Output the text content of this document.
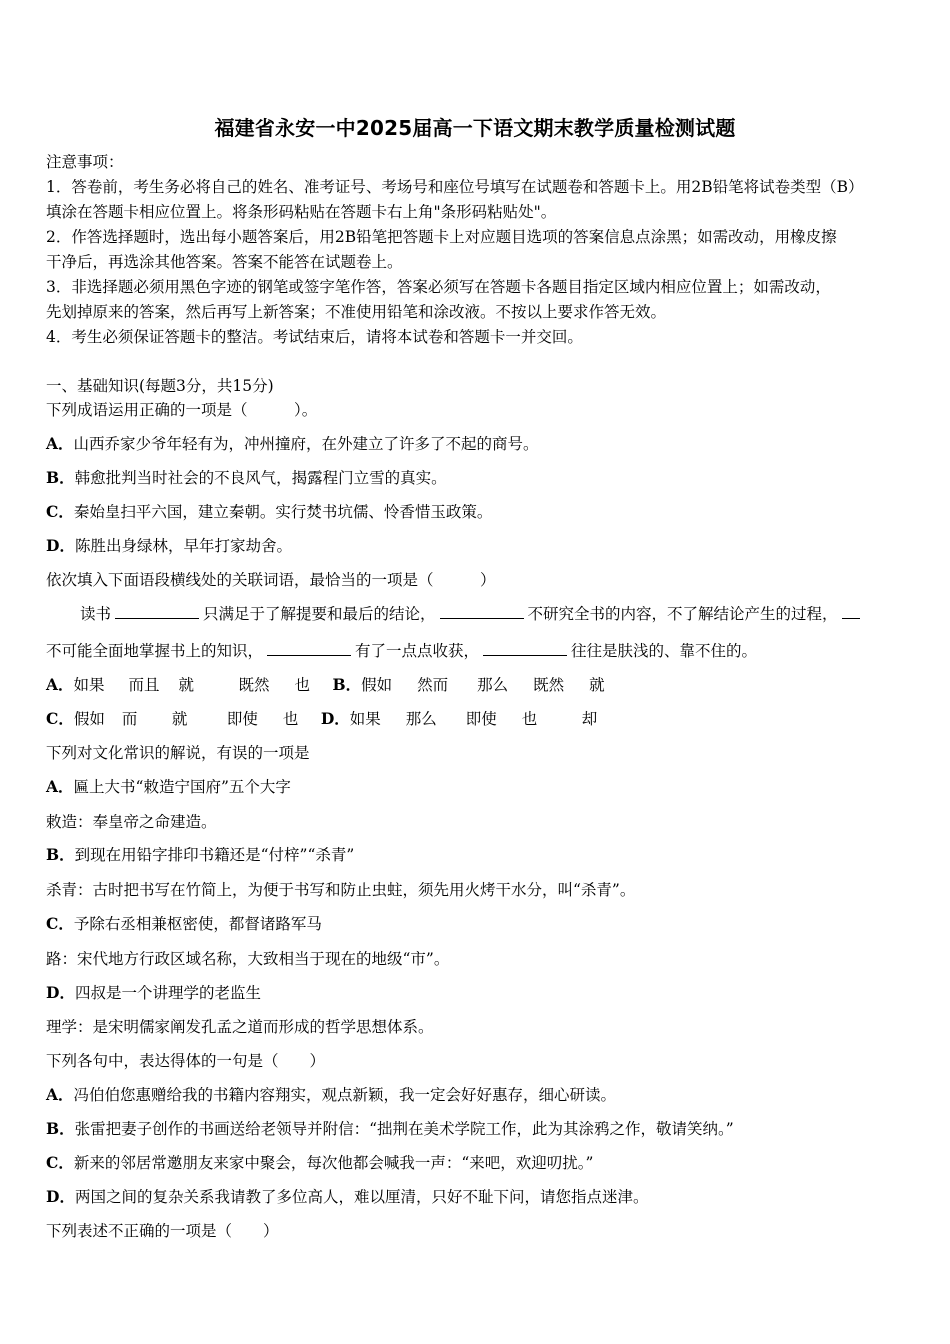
福建省永安一中2025届高一下语文期末教学质量检测试题
注意事项：
1．答卷前，考生务必将自己的姓名、准考证号、考场号和座位号填写在试题卷和答题卡上。用2B铅笔将试卷类型（B）
填涂在答题卡相应位置上。将条形码粘贴在答题卡右上角"条形码粘贴处"。
2．作答选择题时，选出每小题答案后，用2B铅笔把答题卡上对应题目选项的答案信息点涂黑；如需改动，用橡皮擦
干净后，再选涂其他答案。答案不能答在试题卷上。
3．非选择题必须用黑色字迹的钢笔或签字笔作答，答案必须写在答题卡各题目指定区域内相应位置上；如需改动，
先划掉原来的答案，然后再写上新答案；不准使用铅笔和涂改液。不按以上要求作答无效。
4．考生必须保证答题卡的整洁。考试结束后，请将本试卷和答题卡一并交回。
一、基础知识(每题3分，共15分)
下列成语运用正确的一项是（　　　）。
A．山西乔家少爷年轻有为，冲州撞府，在外建立了许多了不起的商号。
B．韩愈批判当时社会的不良风气，揭露程门立雪的真实。
C．秦始皇扫平六国，建立秦朝。实行焚书坑儒、怜香惜玉政策。
D．陈胜出身绿林，早年打家劫舍。
依次填入下面语段横线处的关联词语，最恰当的一项是（　　　）
读书	只满足于了解提要和最后的结论，	不研究全书的内容，不了解结论产生的过程，
不可能全面地掌握书上的知识，	有了一点点收获，	往往是肤浅的、靠不住的。
A．如果 而且 就	既然 也 B．假如 然而 那么 既然 就
C．假如 而 就	即使 也 D．如果 那么 即使 也	却
下列对文化常识的解说，有误的一项是
A．匾上大书“敕造宁国府”五个大字
敕造：奉皇帝之命建造。
B．到现在用铅字排印书籍还是“付梓”“杀青”
杀青：古时把书写在竹简上，为便于书写和防止虫蛀，须先用火烤干水分，叫“杀青”。
C．予除右丞相兼枢密使，都督诸路军马
路：宋代地方行政区域名称，大致相当于现在的地级“市”。
D．四叔是一个讲理学的老监生
理学：是宋明儒家阐发孔孟之道而形成的哲学思想体系。
下列各句中，表达得体的一句是（　　）
A．冯伯伯您惠赠给我的书籍内容翔实，观点新颖，我一定会好好惠存，细心研读。
B．张雷把妻子创作的书画送给老领导并附信：“拙荆在美术学院工作，此为其涂鸦之作，敬请笑纳。”
C．新来的邻居常邀朋友来家中聚会，每次他都会喊我一声：“来吧，欢迎叨扰。”
D．两国之间的复杂关系我请教了多位高人，难以厘清，只好不耻下问，请您指点迷津。
下列表述不正确的一项是（　　）
